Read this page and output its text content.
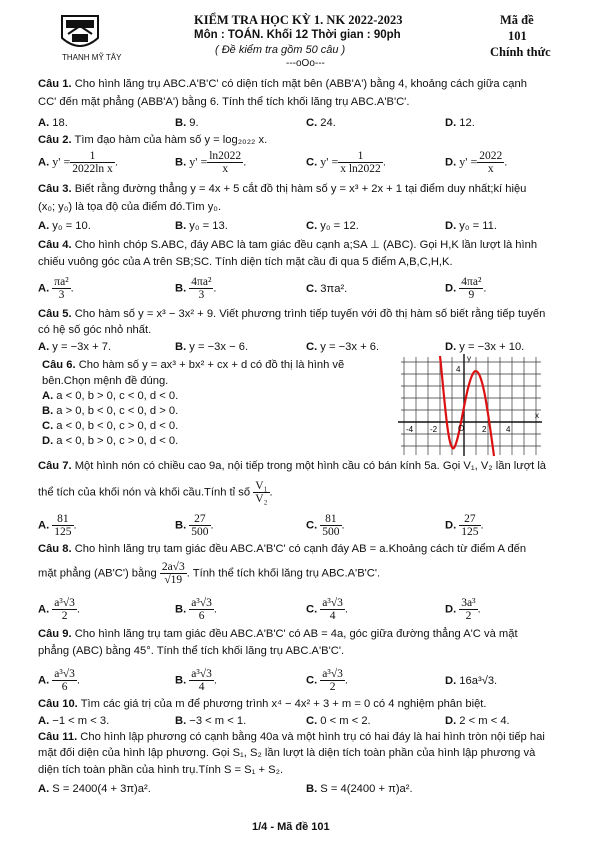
THANH MỸ TÂY
KIỂM TRA HỌC KỲ 1. NK 2022-2023
Môn : TOÁN. Khối 12 Thời gian : 90ph
( Đề kiểm tra gồm 50 câu )
---oOo---
Mã đề
101
Chính thức
Câu 1. Cho hình lăng trụ ABC.A'B'C' có diện tích mặt bên (ABB'A') bằng 4, khoảng cách giữa cạnh
CC' đến mặt phẳng (ABB'A') bằng 6. Tính thể tích khối lăng trụ ABC.A'B'C'.
A. 18.	B. 9.	C. 24.	D. 12.
Câu 2. Tìm đạo hàm của hàm số y = log₂₀₂₂ x.
A. $y' = \frac{1}{\text{2022ln x}}$ .	B. $y' = \frac{\ln 2022}{x}$ .	C. $y' = \frac{1}{\text{x ln2022}}$ .	D. $y' = \frac{2022}{x}$ .
Câu 3. Biết rằng đường thẳng y = 4x + 5 cắt đồ thị hàm số y = x³ + 2x + 1 tại điểm duy nhất;kí hiệu
(x₀; y₀) là tọa độ của điểm đó.Tìm y₀.
A. y₀ = 10.	B. y₀ = 13.	C. y₀ = 12.	D. y₀ = 11.
Câu 4. Cho hình chóp S.ABC, đáy ABC là tam giác đều cạnh a;SA ⊥ (ABC). Gọi H,K lần lượt là hình
chiếu vuông góc của A trên SB;SC. Tính diện tích mặt cầu đi qua 5 điểm A,B,C,H,K.
A. $\frac{\text{πa²}}{3}$ .	B. $\frac{\text{4πa²}}{3}$ .	C. 3πa².	D. $\frac{\text{4πa²}}{9}$ .
Câu 5. Cho hàm số y = x³ − 3x² + 9. Viết phương trình tiếp tuyến với đồ thị hàm số biết rằng tiếp tuyến
có hệ số góc nhỏ nhất.
A. y = −3x + 7.	B. y = −3x − 6.	C. y = −3x + 6.	D. y = −3x + 10.
Câu 6. Cho hàm số y = ax³ + bx² + cx + d có đồ thị là hình vẽ
bên.Chọn mệnh đề đúng.
A. a < 0, b > 0, c < 0, d < 0.
B. a > 0, b < 0, c < 0, d > 0.
C. a < 0, b < 0, c > 0, d < 0.
D. a < 0, b > 0, c > 0, d < 0.
-4 -2	2 4
4
O
x
y
Câu 7. Một hình nón có chiều cao 9a, nội tiếp trong một hình cầu có bán kính 5a. Gọi V₁, V₂ lần lượt là
thể tích của khối nón và khối cầu.Tính tỉ số $\frac{\text{V₁}}{\text{V₂}}$ .
A. $\frac{81}{125}$ .	B. $\frac{27}{500}$ .	C. $\frac{81}{500}$ .	D. $\frac{27}{125}$ .
Câu 8. Cho hình lăng trụ tam giác đều ABC.A'B'C' có cạnh đáy AB = a.Khoảng cách từ điểm A đến
mặt phẳng (AB'C') bằng $\frac{2a√3}{√19}$ . Tính thể tích khối lăng trụ ABC.A'B'C'.
A. $\frac{\text{a³√3}}{2}$ .	B. $\frac{\text{a³√3}}{6}$ .	C. $\frac{\text{a³√3}}{4}$ .	D. $\frac{\text{3a³}}{2}$ .
Câu 9. Cho hình lăng trụ tam giác đều ABC.A'B'C' có AB = 4a, góc giữa đường thẳng A'C và mặt
phẳng (ABC) bằng 45°. Tính thể tích khối lăng trụ ABC.A'B'C'.
A. $\frac{\text{a³√3}}{6}$ .	B. $\frac{\text{a³√3}}{4}$ .	C. $\frac{\text{a³√3}}{2}$ .	D. 16a³√3.
Câu 10. Tìm các giá trị của m để phương trình x⁴ − 4x² + 3 + m = 0 có 4 nghiệm phân biệt.
A. −1 < m < 3.	B. −3 < m < 1.	C. 0 < m < 2.	D. 2 < m < 4.
Câu 11. Cho hình lập phương có cạnh bằng 40a và một hình trụ có hai đáy là hai hình tròn nội tiếp hai
mặt đối diện của hình lập phương. Gọi S₁, S₂ lần lượt là diện tích toàn phần của hình lập phương và
diện tích toàn phần của hình trụ.Tính S = S₁ + S₂.
A. S = 2400(4 + 3π)a².	B. S = 4(2400 + π)a².
1/4 - Mã đề 101
